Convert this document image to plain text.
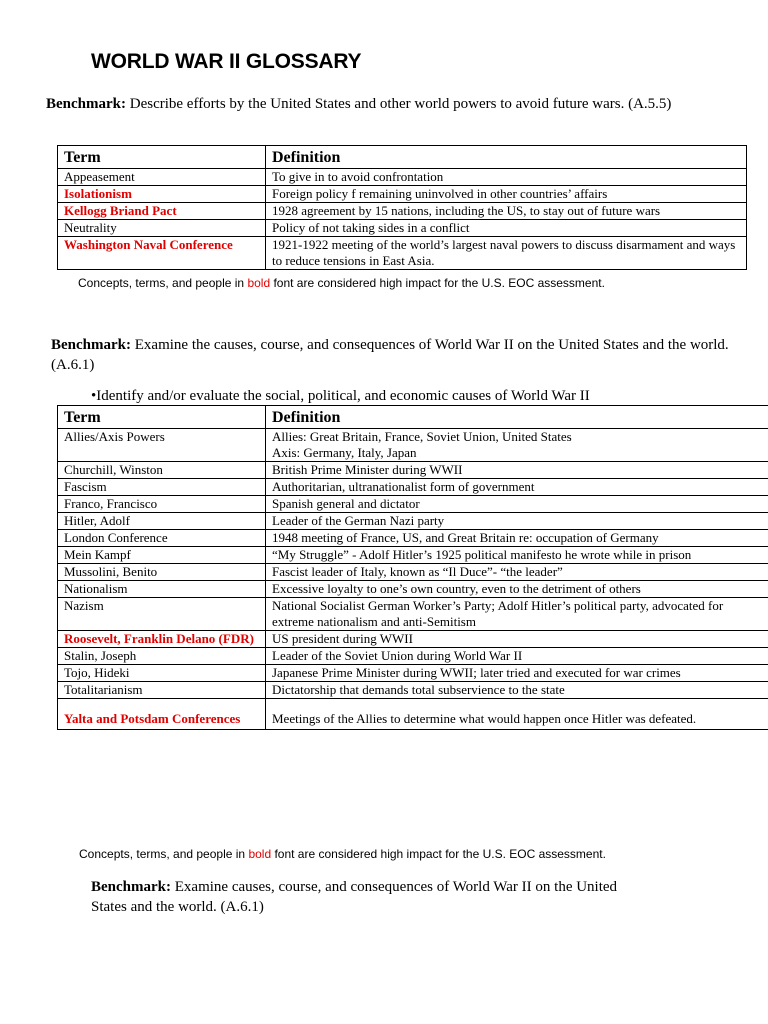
WORLD WAR II GLOSSARY
Benchmark: Describe efforts by the United States and other world powers to avoid future wars. (A.5.5)
Term	Definition
Appeasement	To give in to avoid confrontation
Isolationism	Foreign policy f remaining uninvolved in other countries’ affairs
Kellogg Briand Pact	1928 agreement by 15 nations, including the US, to stay out of future wars
Neutrality	Policy of not taking sides in a conflict
Washington Naval Conference	1921-1922 meeting of the world’s largest naval powers to discuss disarmament and ways to reduce tensions in East Asia.
Concepts, terms, and people in bold font are considered high impact for the U.S. EOC assessment.
Benchmark: Examine the causes, course, and consequences of World War II on the United States and the world. (A.6.1)
•Identify and/or evaluate the social, political, and economic causes of World War II
Term	Definition
Allies/Axis Powers	Allies: Great Britain, France, Soviet Union, United States
Axis: Germany, Italy, Japan

Churchill, Winston	British Prime Minister during WWII

Fascism	Authoritarian, ultranationalist form of government

Franco, Francisco	Spanish general and dictator

Hitler, Adolf	Leader of the German Nazi party

London Conference	1948 meeting of France, US, and Great Britain re: occupation of Germany

Mein Kampf	“My Struggle” - Adolf Hitler’s 1925 political manifesto he wrote while in prison

Mussolini, Benito	Fascist leader of Italy, known as “Il Duce”- “the leader”

Nationalism	Excessive loyalty to one’s own country, even to the detriment of others

Nazism	National Socialist German Worker’s Party; Adolf Hitler’s political party, advocated for extreme nationalism and anti-Semitism

Roosevelt, Franklin Delano (FDR)	US president during WWII

Stalin, Joseph	Leader of the Soviet Union during World War II

Tojo, Hideki	Japanese Prime Minister during WWII; later tried and executed for war crimes

Totalitarianism	Dictatorship that demands total subservience to the state

Yalta and Potsdam Conferences	Meetings of the Allies to determine what would happen once Hitler was defeated.
Concepts, terms, and people in bold font are considered high impact for the U.S. EOC assessment.
Benchmark: Examine causes, course, and consequences of World War II on the United States and the world. (A.6.1)
